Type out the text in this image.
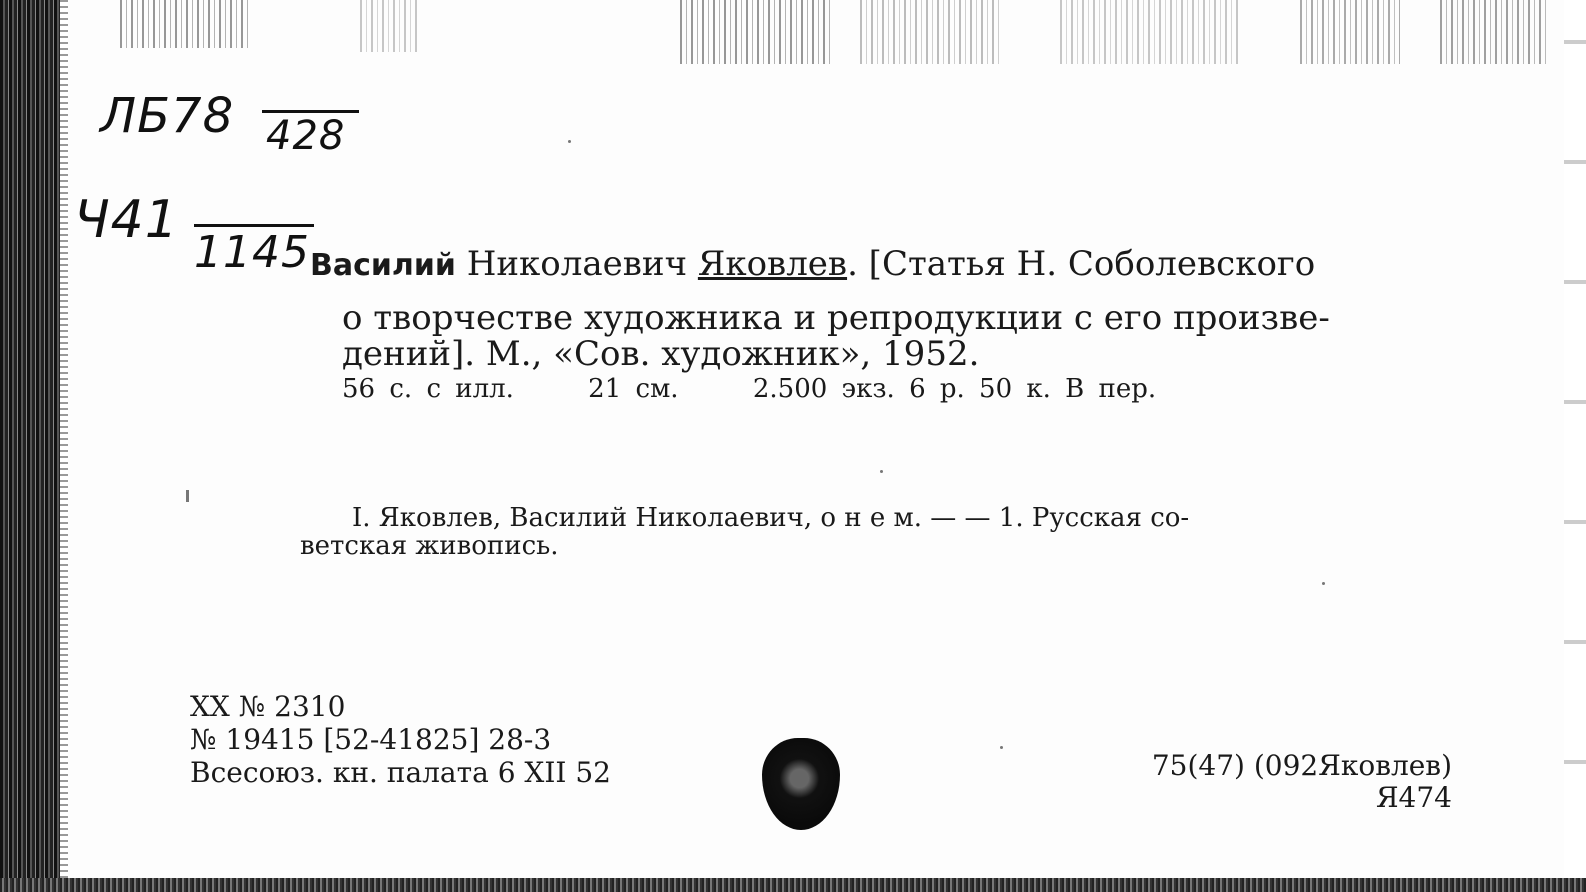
ЛБ78 428
Ч41
1145 Василий Николаевич Яковлев. [Статья Н. Соболевского
о творчестве художника и репродукции с его произве-
дений]. М., «Сов. художник», 1952.
56 с. с илл.	21 см.	2.500 экз. 6 р. 50 к. В пер.
I. Яковлев, Василий Николаевич, о н е м. — — 1. Русская со-
ветская живопись.
XX № 2310
№ 19415 [52-41825] 28-3
Всесоюз. кн. палата 6 XII 52	75(47) (092Яковлев)
Я474
